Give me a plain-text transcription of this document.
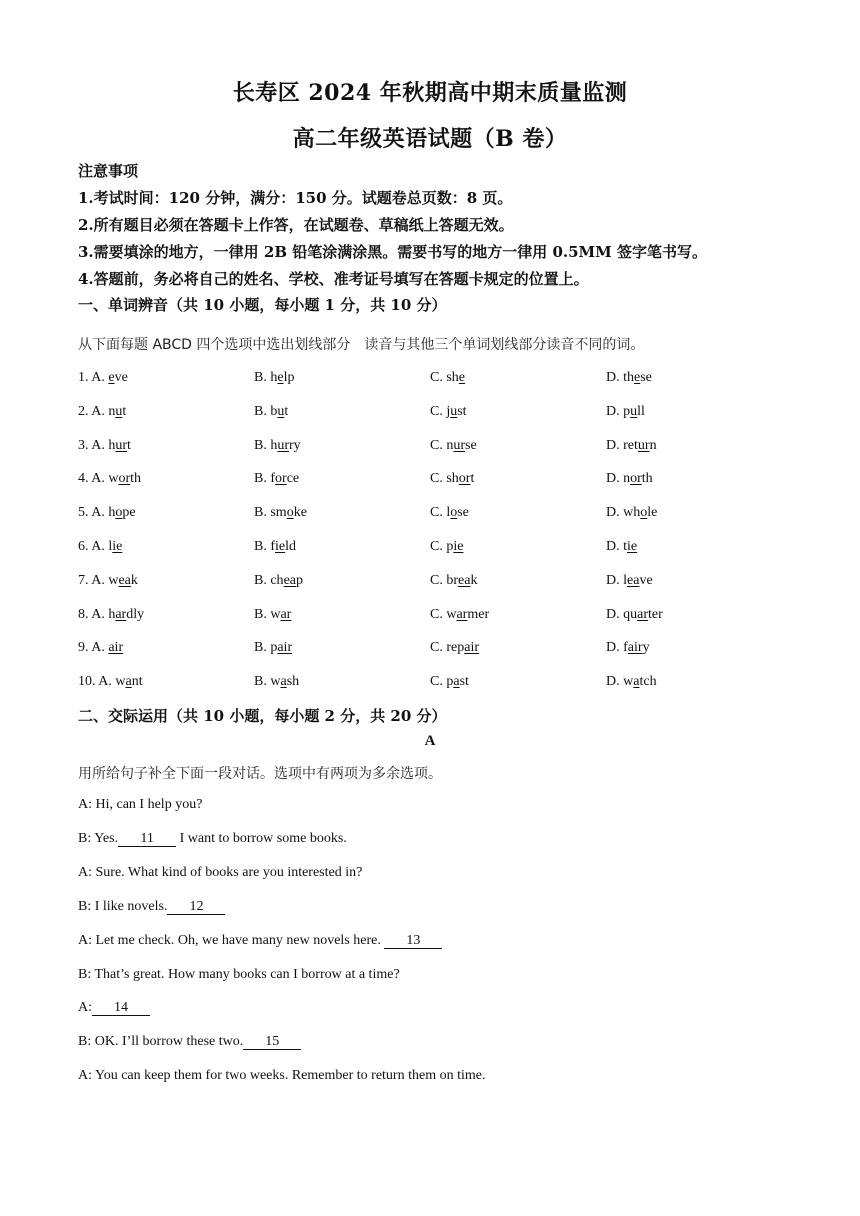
长寿区 2024 年秋期高中期末质量监测
高二年级英语试题（B 卷）
注意事项
1.考试时间：120 分钟，满分：150 分。试题卷总页数：8 页。
2.所有题目必须在答题卡上作答，在试题卷、草稿纸上答题无效。
3.需要填涂的地方，一律用 2B 铅笔涂满涂黑。需要书写的地方一律用 0.5MM 签字笔书写。
4.答题前，务必将自己的姓名、学校、准考证号填写在答题卡规定的位置上。
一、单词辨音（共 10 小题，每小题 1 分，共 10 分）
从下面每题 ABCD 四个选项中选出划线部分　读音与其他三个单词划线部分读音不同的词。
1. A. eve	B. help	C. she	D. these
2. A. nut	B. but	C. just	D. pull
3. A. hurt	B. hurry	C. nurse	D. return
4. A. worth	B. force	C. short	D. north
5. A. hope	B. smoke	C. lose	D. whole
6. A. lie	B. field	C. pie	D. tie
7. A. weak	B. cheap	C. break	D. leave
8. A. hardly	B. war	C. warmer	D. quarter
9. A. air	B. pair	C. repair	D. fairy
10. A. want	B. wash	C. past	D. watch
二、交际运用（共 10 小题，每小题 2 分，共 20 分）
A
用所给句子补全下面一段对话。选项中有两项为多余选项。
A: Hi, can I help you?
B: Yes. 11 I want to borrow some books.
A: Sure. What kind of books are you interested in?
B: I like novels. 12
A: Let me check. Oh, we have many new novels here. 13
B: That’s great. How many books can I borrow at a time?
A: 14
B: OK. I’ll borrow these two. 15
A: You can keep them for two weeks. Remember to return them on time.
